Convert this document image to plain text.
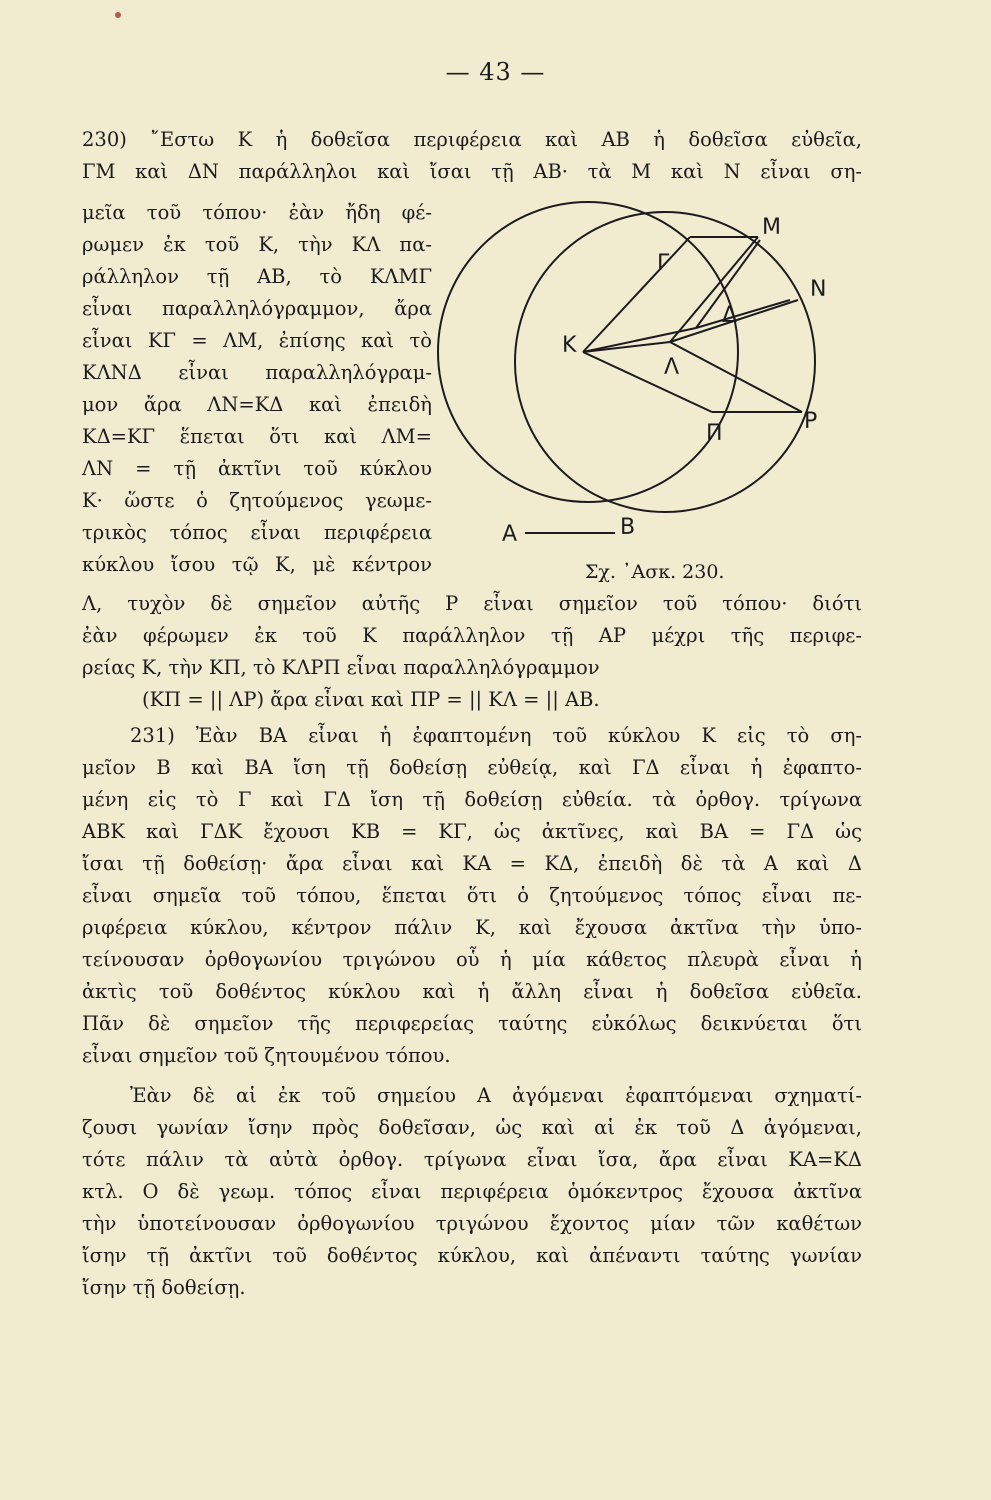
— 43 —
230) ῎Εστω Κ ἡ δοθεῖσα περιφέρεια καὶ ΑΒ ἡ δοθεῖσα εὐθεῖα,
ΓΜ καὶ ΔΝ παράλληλοι καὶ ἴσαι τῇ ΑΒ· τὰ Μ καὶ Ν εἶναι ση-
μεῖα τοῦ τόπου· ἐὰν ἤδη φέ-
ρωμεν ἐκ τοῦ Κ, τὴν ΚΛ πα-
ράλληλον τῇ ΑΒ, τὸ ΚΛΜΓ
εἶναι παραλληλόγραμμον, ἄρα
εἶναι ΚΓ = ΛΜ, ἐπίσης καὶ τὸ
ΚΛΝΔ εἶναι παραλληλόγραμ-
μον ἄρα ΛΝ=ΚΔ καὶ ἐπειδὴ
ΚΔ=ΚΓ ἕπεται ὅτι καὶ ΛΜ=
ΛΝ = τῇ ἀκτῖνι τοῦ κύκλου
Κ· ὥστε ὁ ζητούμενος γεωμε-
τρικὸς τόπος εἶναι περιφέρεια
κύκλου ἴσου τῷ Κ, μὲ κέντρον
Λ, τυχὸν δὲ σημεῖον αὐτῆς Ρ εἶναι σημεῖον τοῦ τόπου· διότι
ἐὰν φέρωμεν ἐκ τοῦ Κ παράλληλον τῇ ΑΡ μέχρι τῆς περιφε-
ρείας Κ, τὴν ΚΠ, τὸ ΚΛΡΠ εἶναι παραλληλόγραμμον
(ΚΠ = || ΛΡ) ἄρα εἶναι καὶ ΠΡ = || ΚΛ = || ΑΒ.
231) Ἐὰν ΒΑ εἶναι ἡ ἐφαπτομένη τοῦ κύκλου Κ εἰς τὸ ση-
μεῖον Β καὶ ΒΑ ἴση τῇ δοθείσῃ εὐθείᾳ, καὶ ΓΔ εἶναι ἡ ἐφαπτο-
μένη εἰς τὸ Γ καὶ ΓΔ ἴση τῇ δοθείσῃ εὐθεία. τὰ ὀρθογ. τρίγωνα
ΑΒΚ καὶ ΓΔΚ ἔχουσι ΚΒ = ΚΓ, ὡς ἀκτῖνες, καὶ ΒΑ = ΓΔ ὡς
ἴσαι τῇ δοθείσῃ· ἄρα εἶναι καὶ ΚΑ = ΚΔ, ἐπειδὴ δὲ τὰ Α καὶ Δ
εἶναι σημεῖα τοῦ τόπου, ἕπεται ὅτι ὁ ζητούμενος τόπος εἶναι πε-
ριφέρεια κύκλου, κέντρον πάλιν Κ, καὶ ἔχουσα ἀκτῖνα τὴν ὑπο-
τείνουσαν ὀρθογωνίου τριγώνου οὗ ἡ μία κάθετος πλευρὰ εἶναι ἡ
ἀκτὶς τοῦ δοθέντος κύκλου καὶ ἡ ἄλλη εἶναι ἡ δοθεῖσα εὐθεῖα.
Πᾶν δὲ σημεῖον τῆς περιφερείας ταύτης εὐκόλως δεικνύεται ὅτι
εἶναι σημεῖον τοῦ ζητουμένου τόπου.
Ἐὰν δὲ αἱ ἐκ τοῦ σημείου Α ἀγόμεναι ἐφαπτόμεναι σχηματί-
ζουσι γωνίαν ἴσην πρὸς δοθεῖσαν, ὡς καὶ αἱ ἐκ τοῦ Δ ἀγόμεναι,
τότε πάλιν τὰ αὐτὰ ὀρθογ. τρίγωνα εἶναι ἴσα, ἄρα εἶναι ΚΑ=ΚΔ
κτλ. Ο δὲ γεωμ. τόπος εἶναι περιφέρεια ὁμόκεντρος ἔχουσα ἀκτῖνα
τὴν ὑποτείνουσαν ὀρθογωνίου τριγώνου ἔχοντος μίαν τῶν καθέτων
ἴσην τῇ ἀκτῖνι τοῦ δοθέντος κύκλου, καὶ ἀπέναντι ταύτης γωνίαν
ἴσην τῇ δοθείσῃ.
Μ
Ν
Γ
Δ
Κ
Λ
Ρ
Π
Α	Β
Σχ. ᾿Ασκ. 230.
